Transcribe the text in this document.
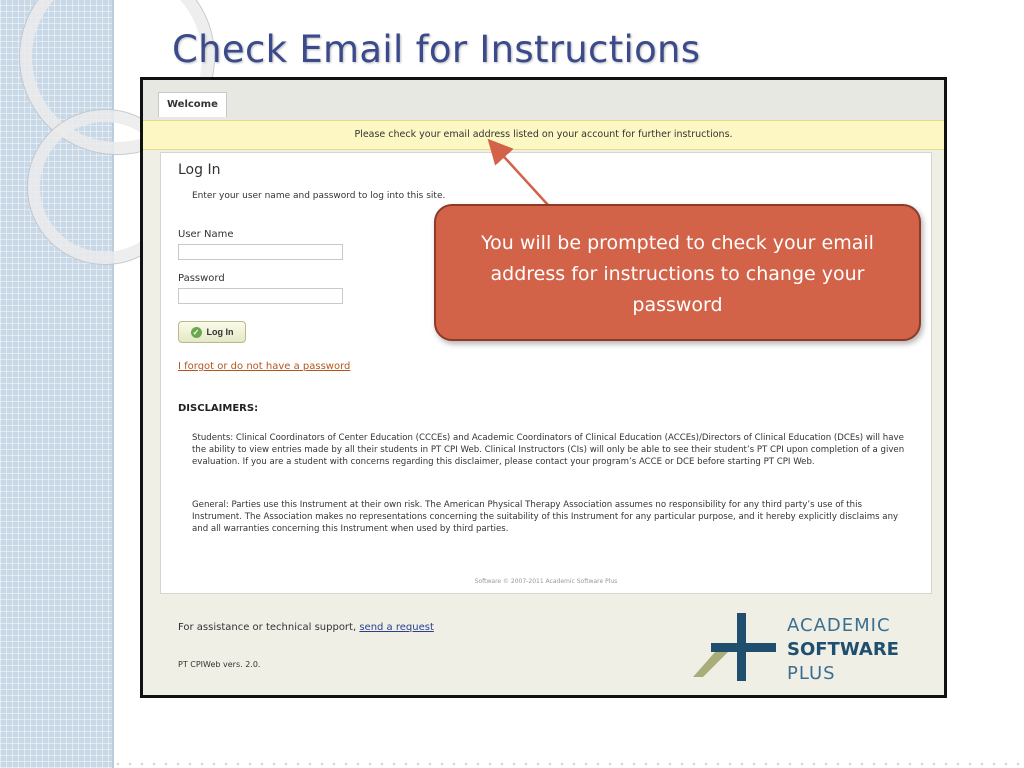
Check Email for Instructions
Welcome
Please check your email address listed on your account for further instructions.
Log In
Enter your user name and password to log into this site.
User Name
Password
✓ Log In
I forgot or do not have a password
DISCLAIMERS:

Students: Clinical Coordinators of Center Education (CCCEs) and Academic Coordinators of Clinical Education (ACCEs)/Directors of Clinical Education (DCEs) will have the ability to view entries made by all their students in PT CPI Web. Clinical Instructors (CIs) will only be able to see their student’s PT CPI upon completion of a given evaluation. If you are a student with concerns regarding this disclaimer, please contact your program’s ACCE or DCE before starting PT CPI Web.

General: Parties use this Instrument at their own risk. The American Physical Therapy Association assumes no responsibility for any third party’s use of this Instrument. The Association makes no representations concerning the suitability of this Instrument for any particular purpose, and it hereby explicitly disclaims any and all warranties concerning this Instrument when used by third parties.

Software © 2007-2011 Academic Software Plus
For assistance or technical support, send a request
PT CPIWeb vers. 2.0.
ACADEMIC
SOFTWARE
PLUS
You will be prompted to check your email address for instructions to change your password
